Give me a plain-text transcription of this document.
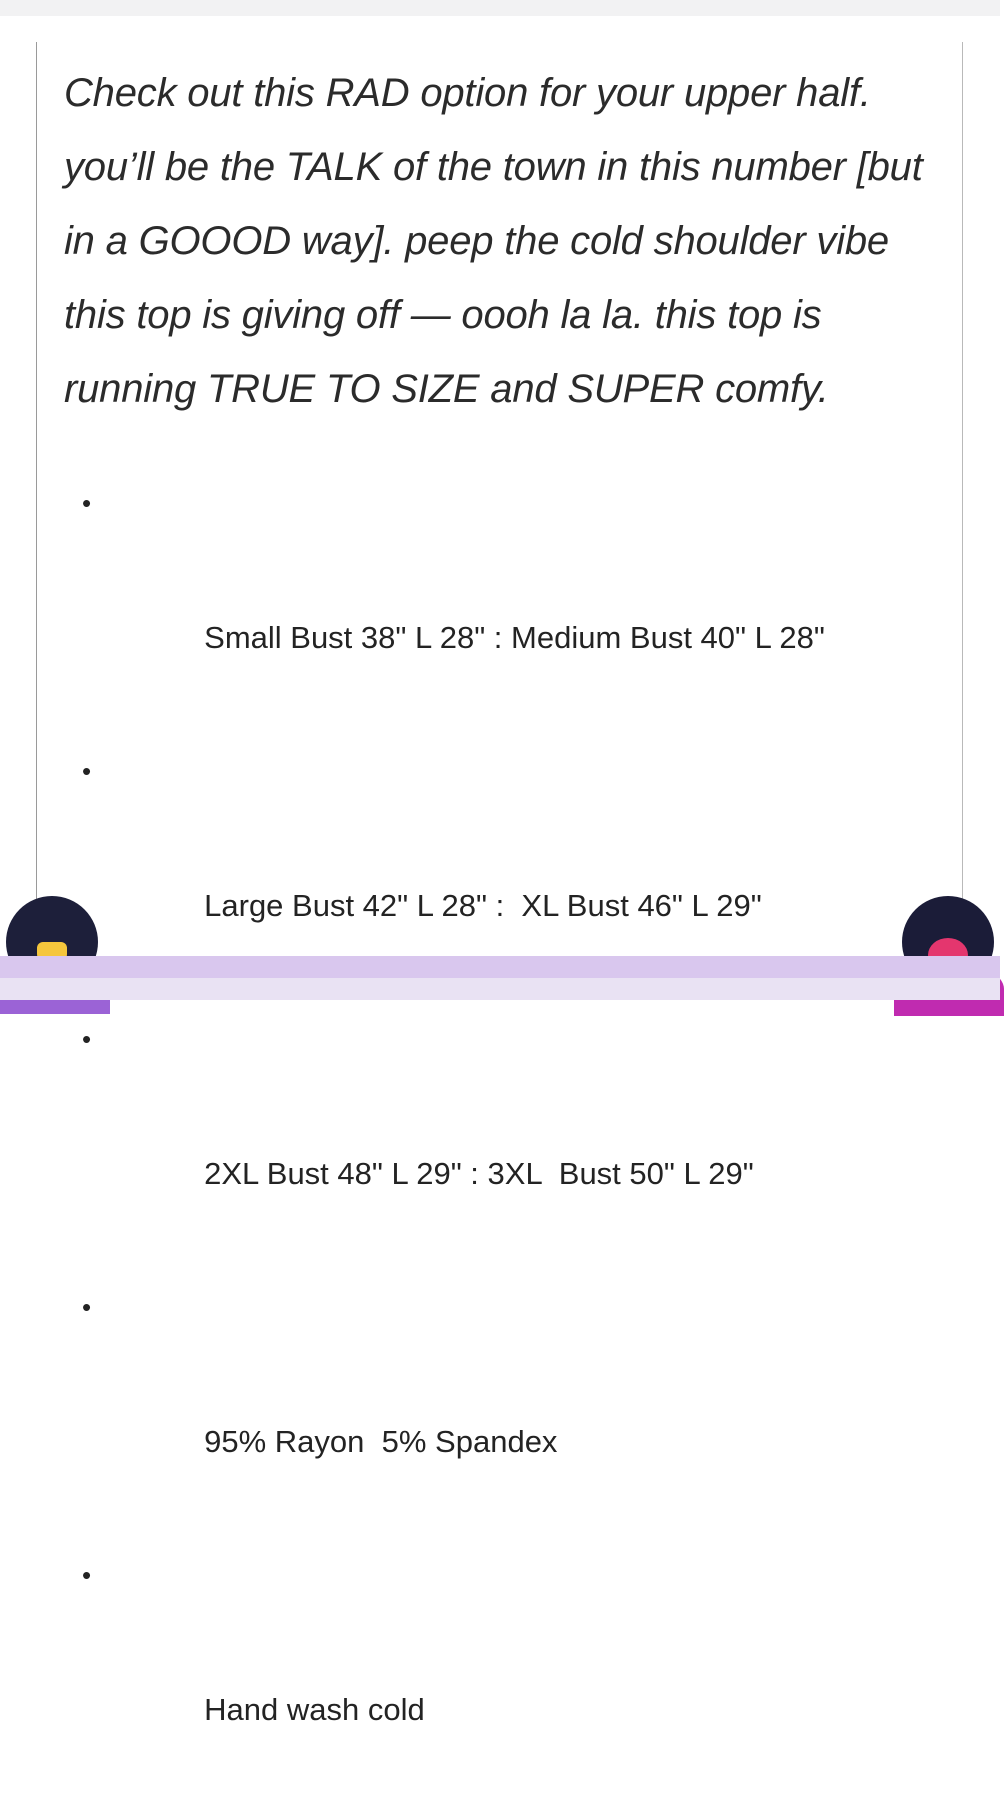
Check out this RAD option for your upper half. you’ll be the TALK of the town in this number [but in a GOOOD way]. peep the cold shoulder vibe this top is giving off — oooh la la. this top is running TRUE TO SIZE and SUPER comfy.

•

Small Bust 38" L 28" : Medium Bust 40" L 28"

•

Large Bust 42" L 28" :  XL Bust 46" L 29"

•

2XL Bust 48" L 29" : 3XL  Bust 50" L 29"

•

95% Rayon  5% Spandex

•

Hand wash cold
